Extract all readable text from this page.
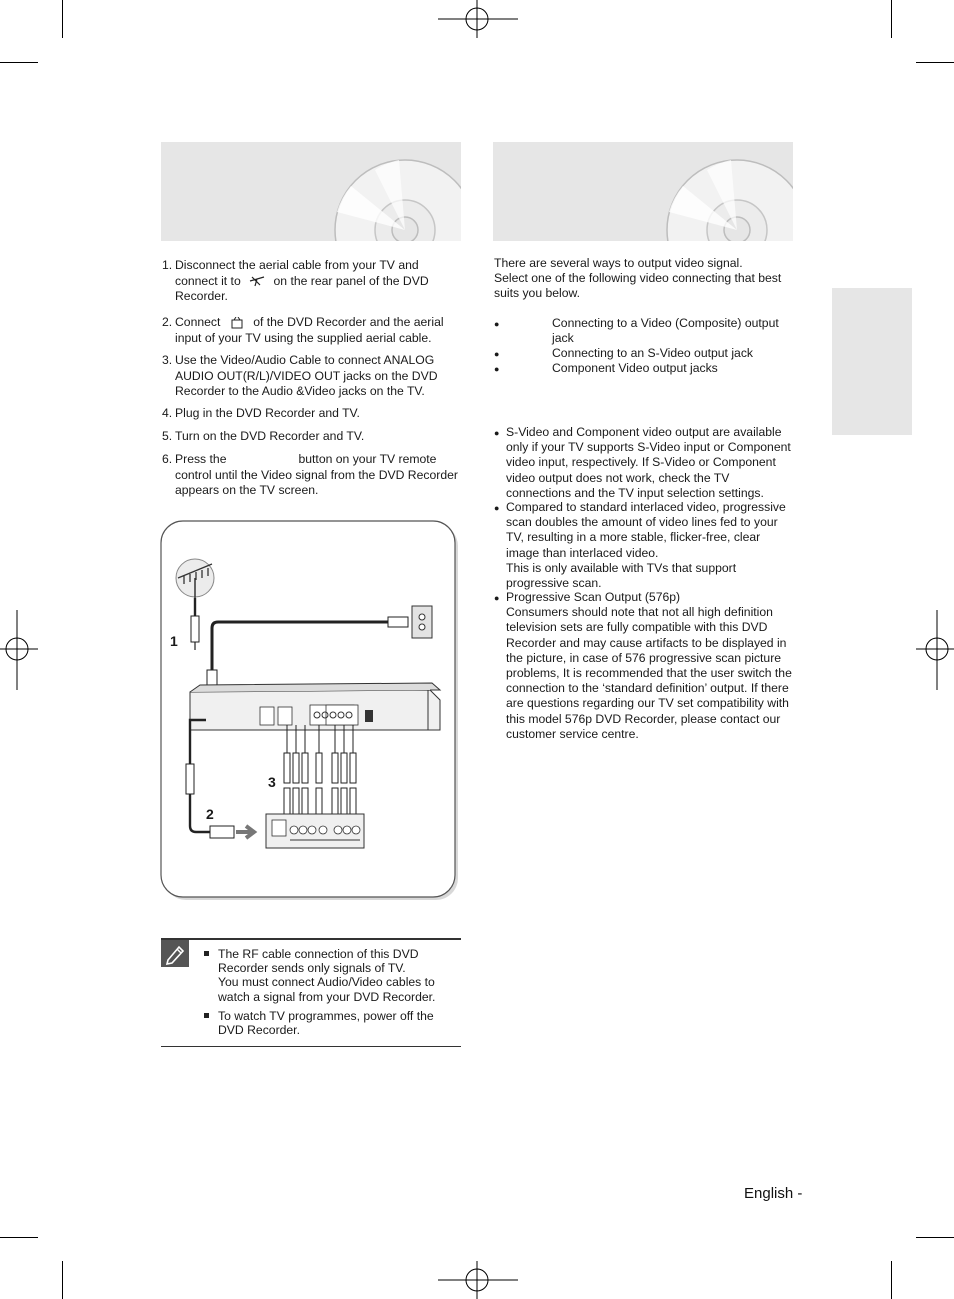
1. Disconnect the aerial cable from your TV and
connect it to	on the rear panel of the DVD
Recorder.
2. Connect	of the DVD Recorder and the aerial
input of your TV using the supplied aerial cable.
3. Use the Video/Audio Cable to connect ANALOG
AUDIO OUT(R/L)/VIDEO OUT jacks on the DVD
Recorder to the Audio &Video jacks on the TV.
4. Plug in the DVD Recorder and TV.
5. Turn on the DVD Recorder and TV.
6. Press the	button on your TV remote
control until the Video signal from the DVD Recorder
appears on the TV screen.
1
2
3
The RF cable connection of this DVD
Recorder sends only signals of TV.
You must connect Audio/Video cables to
watch a signal from your DVD Recorder.
To watch TV programmes, power off the
DVD Recorder.
There are several ways to output video signal.
Select one of the following video connecting that best
suits you below.
●	Connecting to a Video (Composite) output
jack
●	Connecting to an S-Video output jack
●	Component Video output jacks
● S-Video and Component video output are available
only if your TV supports S-Video input or Component
video input, respectively. If S-Video or Component
video output does not work, check the TV
connections and the TV input selection settings.
● Compared to standard interlaced video, progressive
scan doubles the amount of video lines fed to your
TV, resulting in a more stable, flicker-free, clear
image than interlaced video.
This is only available with TVs that support
progressive scan.
● Progressive Scan Output (576p)
Consumers should note that not all high definition
television sets are fully compatible with this DVD
Recorder and may cause artifacts to be displayed in
the picture, in case of 576 progressive scan picture
problems, It is recommended that the user switch the
connection to the ‘standard definition’ output. If there
are questions regarding our TV set compatibility with
this model 576p DVD Recorder, please contact our
customer service centre.
English -
